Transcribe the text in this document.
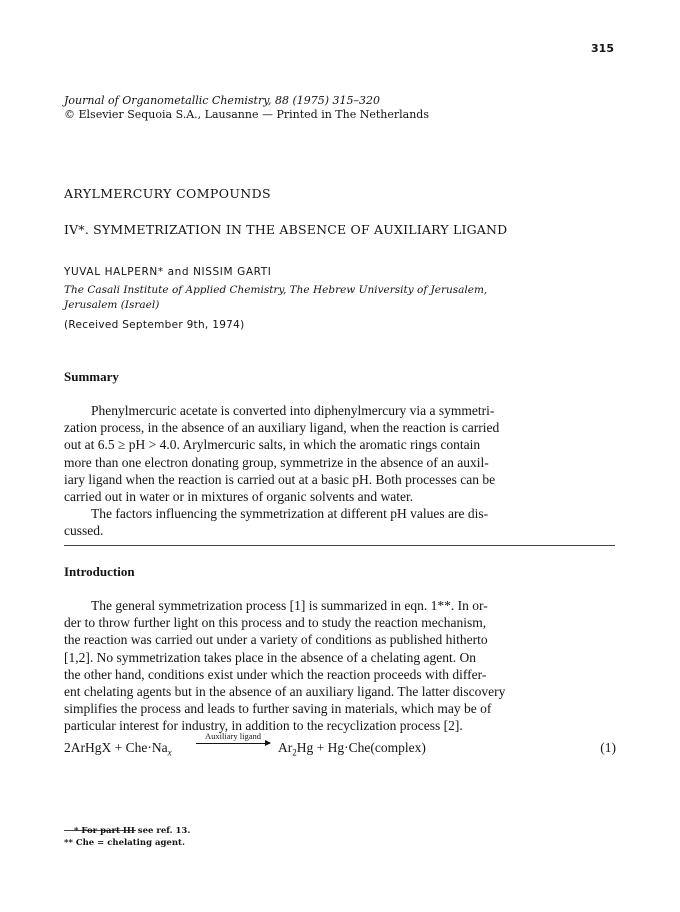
315
Journal of Organometallic Chemistry, 88 (1975) 315–320
© Elsevier Sequoia S.A., Lausanne — Printed in The Netherlands
ARYLMERCURY COMPOUNDS
IV*. SYMMETRIZATION IN THE ABSENCE OF AUXILIARY LIGAND
YUVAL HALPERN* and NISSIM GARTI
The Casali Institute of Applied Chemistry, The Hebrew University of Jerusalem,
Jerusalem (Israel)
(Received September 9th, 1974)
Summary
Phenylmercuric acetate is converted into diphenylmercury via a symmetri-
zation process, in the absence of an auxiliary ligand, when the reaction is carried
out at 6.5 ≥ pH > 4.0. Arylmercuric salts, in which the aromatic rings contain
more than one electron donating group, symmetrize in the absence of an auxil-
iary ligand when the reaction is carried out at a basic pH. Both processes can be
carried out in water or in mixtures of organic solvents and water.
The factors influencing the symmetrization at different pH values are dis-
cussed.
Introduction
The general symmetrization process [1] is summarized in eqn. 1**. In or-
der to throw further light on this process and to study the reaction mechanism,
the reaction was carried out under a variety of conditions as published hitherto
[1,2]. No symmetrization takes place in the absence of a chelating agent. On
the other hand, conditions exist under which the reaction proceeds with differ-
ent chelating agents but in the absence of an auxiliary ligand. The latter discovery
simplifies the process and leads to further saving in materials, which may be of
particular interest for industry, in addition to the recyclization process [2].
2ArHgX + $Che\cdot Na_x$
Auxiliary ligand
$Ar_2Hg$ + Hg·Che(complex)	(1)
* For part III see ref. 13.
** Che = chelating agent.
